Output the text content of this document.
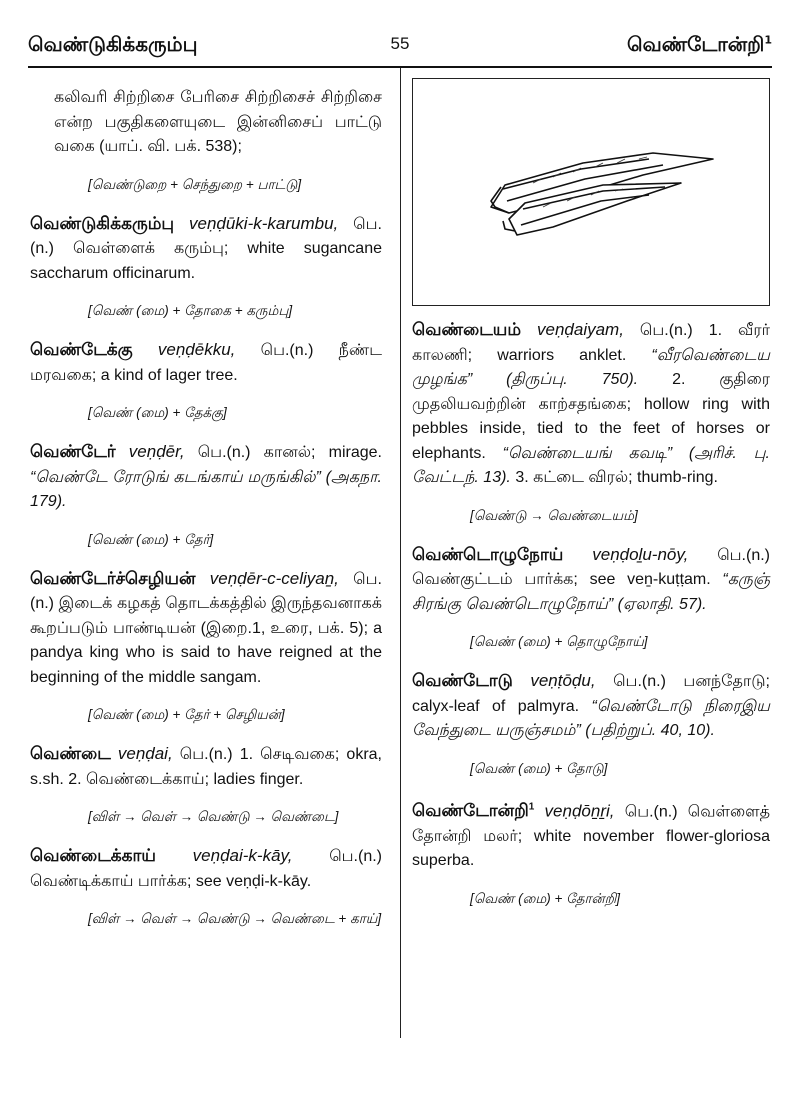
வெண்டுகிக்கரும்பு	55	வெண்டோன்றி$^1$
கலிவரி சிற்றிசை பேரிசை சிற்றிசைச் சிற்றிசை என்ற பகுதிகளையுடை இன்னிசைப் பாட்டு வகை (யாப். வி. பக். 538);
[வெண்டுறை + செந்துறை + பாட்டு]
வெண்டுகிக்கரும்பு veṇḍūki-k-karumbu, பெ.(n.) வெள்ளைக் கரும்பு; white sugancane saccharum officinarum.
[வெண் (மை) + தோகை + கரும்பு]
வெண்டேக்கு veṇḍēkku, பெ.(n.) நீண்ட மரவகை; a kind of lager tree.
[வெண் (மை) + தேக்கு]
வெண்டேர் veṇḍēr, பெ.(n.) கானல்; mirage. “வெண்டே ரோடுங் கடங்காய் மருங்கில்” (அகநா. 179).
[வெண் (மை) + தேர்]
வெண்டேர்ச்செழியன் veṇḍēr-c-celiyaṉ, பெ.(n.) இடைக் கழகத் தொடக்கத்தில் இருந்தவனாகக் கூறப்படும் பாண்டியன் (இறை.1, உரை, பக். 5); a pandya king who is said to have reigned at the beginning of the middle sangam.
[வெண் (மை) + தேர் + செழியன்]
வெண்டை veṇḍai, பெ.(n.) 1. செடிவகை; okra, s.sh. 2. வெண்டைக்காய்; ladies finger.
[விள் → வெள் → வெண்டு → வெண்டை]
வெண்டைக்காய் veṇḍai-k-kāy, பெ.(n.) வெண்டிக்காய் பார்க்க; see veṇḍi-k-kāy.
[விள் → வெள் → வெண்டு → வெண்டை + காய்]
வெண்டையம் veṇḍaiyam, பெ.(n.) 1. வீரர் காலணி; warriors anklet. “வீரவெண்டைய முழங்க” (திருப்பு. 750). 2. குதிரை முதலியவற்றின் காற்சதங்கை; hollow ring with pebbles inside, tied to the feet of horses or elephants. “வெண்டையங் கவடி” (அரிச். பு. வேட்டந். 13). 3. கட்டை விரல்; thumb-ring.
[வெண்டு → வெண்டையம்]
வெண்டொழுநோய் veṇḍoḻu-nōy, பெ.(n.) வெண்குட்டம் பார்க்க; see veṉ-kuṭṭam. “கருஞ் சிரங்கு வெண்டொழுநோய்” (ஏலாதி. 57).
[வெண் (மை) + தொழுநோய்]
வெண்டோடு veṇṭōḍu, பெ.(n.) பனந்தோடு; calyx-leaf of palmyra. “வெண்டோடு நிரைஇய வேந்துடை யருஞ்சமம்” (பதிற்றுப். 40, 10).
[வெண் (மை) + தோடு]
வெண்டோன்றி$^1$ veṇḍōṉṟi, பெ.(n.) வெள்ளைத் தோன்றி மலர்; white november flower-gloriosa superba.
[வெண் (மை) + தோன்றி]
